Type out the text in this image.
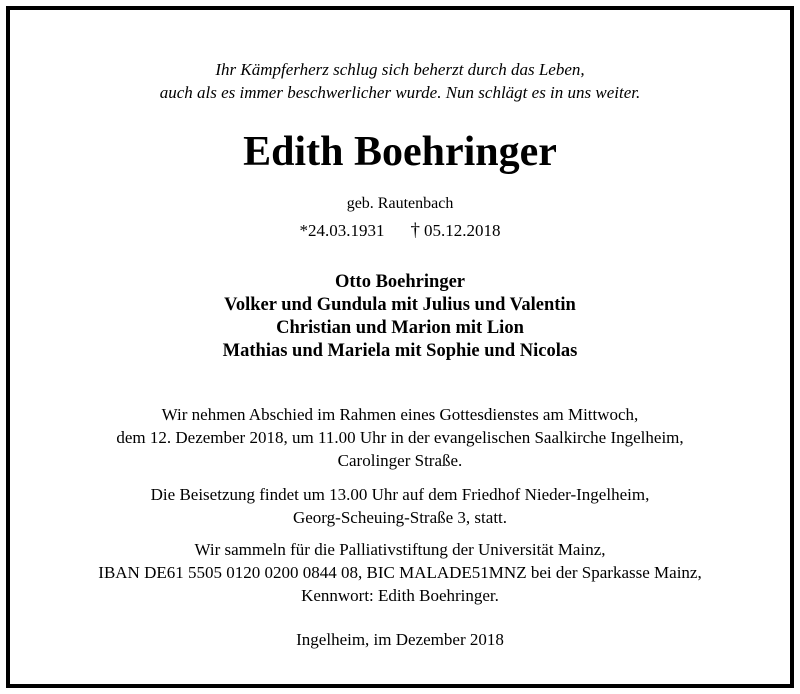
Ihr Kämpferherz schlug sich beherzt durch das Leben,
auch als es immer beschwerlicher wurde. Nun schlägt es in uns weiter.
Edith Boehringer
geb. Rautenbach
*24.03.1931 † 05.12.2018
Otto Boehringer
Volker und Gundula mit Julius und Valentin
Christian und Marion mit Lion
Mathias und Mariela mit Sophie und Nicolas
Wir nehmen Abschied im Rahmen eines Gottesdienstes am Mittwoch,
dem 12. Dezember 2018, um 11.00 Uhr in der evangelischen Saalkirche Ingelheim,
Carolinger Straße.
Die Beisetzung findet um 13.00 Uhr auf dem Friedhof Nieder-Ingelheim,
Georg-Scheuing-Straße 3, statt.
Wir sammeln für die Palliativstiftung der Universität Mainz,
IBAN DE61 5505 0120 0200 0844 08, BIC MALADE51MNZ bei der Sparkasse Mainz,
Kennwort: Edith Boehringer.
Ingelheim, im Dezember 2018
